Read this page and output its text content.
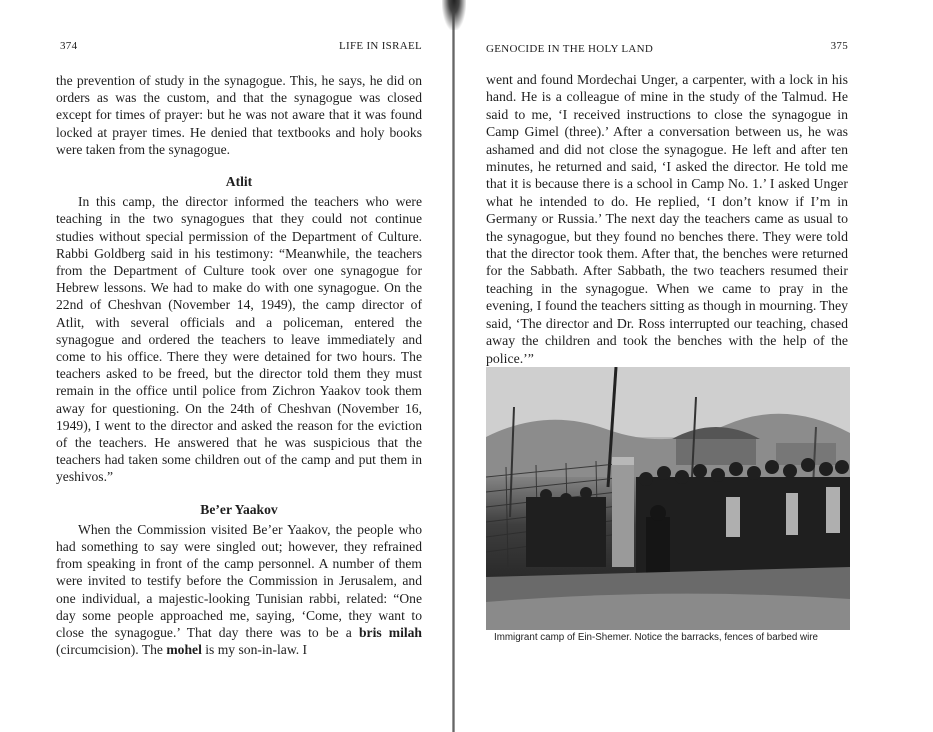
374	LIFE IN ISRAEL

the prevention of study in the synagogue. This, he says, he did on orders as was the custom, and that the synagogue was closed except for times of prayer: but he was not aware that it was found locked at prayer times. He denied that textbooks and holy books were taken from the synagogue.

Atlit

In this camp, the director informed the teachers who were teaching in the two synagogues that they could not continue studies without special permission of the Department of Culture. Rabbi Goldberg said in his testimony: “Meanwhile, the teachers from the Department of Culture took over one synagogue for Hebrew lessons. We had to make do with one synagogue. On the 22nd of Cheshvan (November 14, 1949), the camp director of Atlit, with several officials and a policeman, entered the synagogue and ordered the teachers to leave immediately and come to his office. There they were detained for two hours. The teachers asked to be freed, but the director told them they must remain in the office until police from Zichron Yaakov took them away for questioning. On the 24th of Cheshvan (November 16, 1949), I went to the director and asked the reason for the eviction of the teachers. He answered that he was suspicious that the teachers had taken some children out of the camp and put them in yeshivos.”

Be’er Yaakov

When the Commission visited Be’er Yaakov, the people who had something to say were singled out; however, they refrained from speaking in front of the camp personnel. A number of them were invited to testify before the Commission in Jerusalem, and one individual, a majestic-looking Tunisian rabbi, related: “One day some people approached me, saying, ‘Come, they want to close the synagogue.’ That day there was to be a bris milah (circumcision). The mohel is my son-in-law. I

GENOCIDE IN THE HOLY LAND	375

went and found Mordechai Unger, a carpenter, with a lock in his hand. He is a colleague of mine in the study of the Talmud. He said to me, ‘I received instructions to close the synagogue in Camp Gimel (three).’ After a conversation between us, he was ashamed and did not close the synagogue. He left and after ten minutes, he returned and said, ‘I asked the director. He told me that it is because there is a school in Camp No. 1.’ I asked Unger what he intended to do. He replied, ‘I don’t know if I’m in Germany or Russia.’ The next day the teachers came as usual to the synagogue, but they found no benches there. They were told that the director took them. After that, the benches were returned for the Sabbath. After Sabbath, the two teachers resumed their teaching in the synagogue. When we came to pray in the evening, I found the teachers sitting as though in mourning. They said, ‘The director and Dr. Ross interrupted our teaching, chased away the children and took the benches with the help of the police.’”

Immigrant camp of Ein-Shemer. Notice the barracks, fences of barbed wire
